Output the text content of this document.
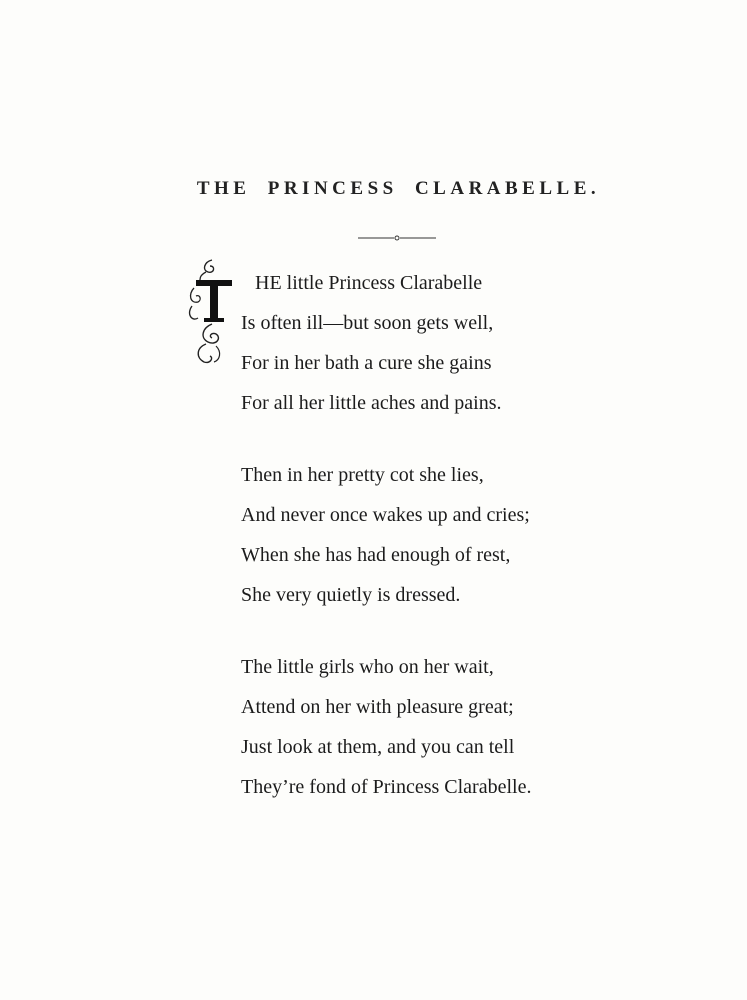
THE PRINCESS CLARABELLE.
HE little Princess Clarabelle
Is often ill—but soon gets well,
For in her bath a cure she gains
For all her little aches and pains.
Then in her pretty cot she lies,
And never once wakes up and cries;
When she has had enough of rest,
She very quietly is dressed.
The little girls who on her wait,
Attend on her with pleasure great;
Just look at them, and you can tell
They’re fond of Princess Clarabelle.
